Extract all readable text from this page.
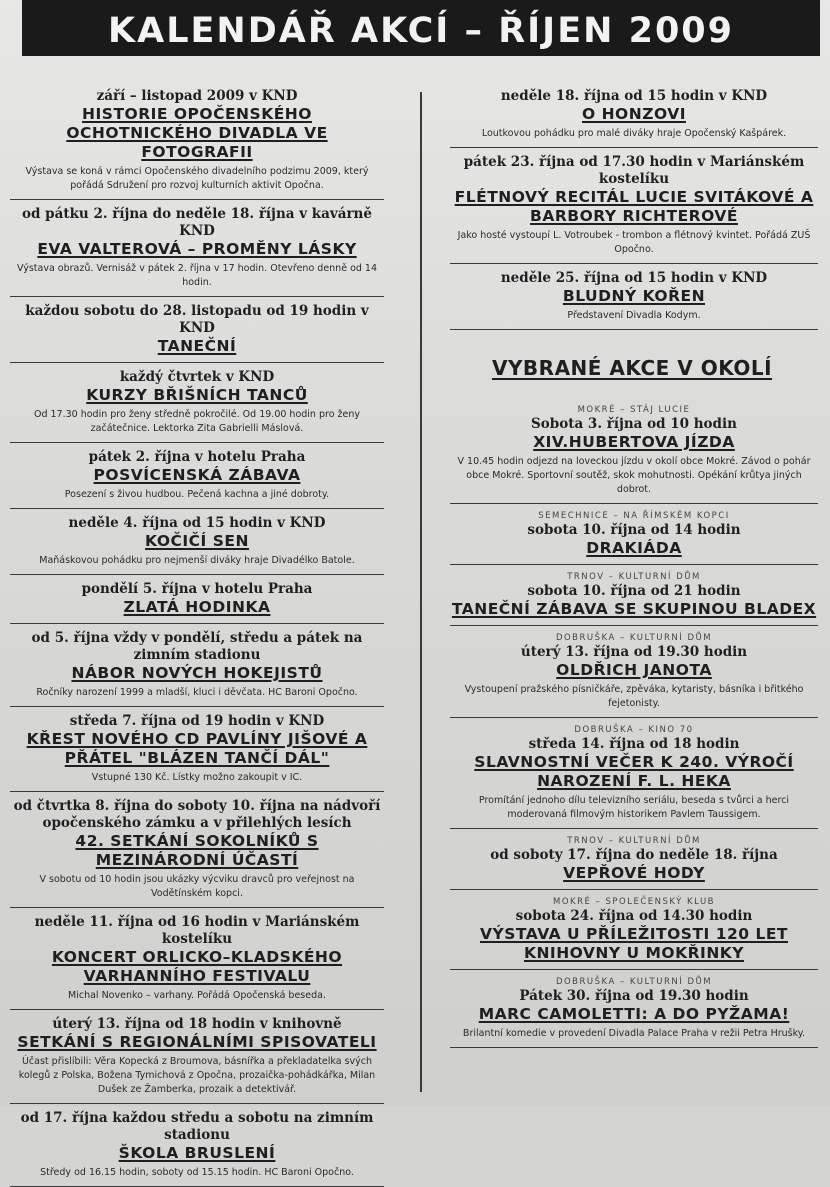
KALENDÁŘ AKCÍ – ŘÍJEN 2009
září – listopad 2009 v KND
HISTORIE OPOČENSKÉHO OCHOTNICKÉHO DIVADLA VE FOTOGRAFII
Výstava se koná v rámci Opočenského divadelního podzimu 2009, který pořádá Sdružení pro rozvoj kulturních aktivit Opočna.
od pátku 2. října do neděle 18. října v kavárně KND
EVA VALTEROVÁ – PROMĚNY LÁSKY
Výstava obrazů. Vernisáž v pátek 2. října v 17 hodin. Otevřeno denně od 14 hodin.
každou sobotu do 28. listopadu od 19 hodin v KND
TANEČNÍ
každý čtvrtek v KND
KURZY BŘIŠNÍCH TANCŮ
Od 17.30 hodin pro ženy středně pokročilé. Od 19.00 hodin pro ženy začátečnice. Lektorka Zita Gabrielli Máslová.
pátek 2. října v hotelu Praha
POSVÍCENSKÁ ZÁBAVA
Posezení s živou hudbou. Pečená kachna a jiné dobroty.
neděle 4. října od 15 hodin v KND
KOČIČÍ SEN
Maňáskovou pohádku pro nejmenší diváky hraje Divadélko Batole.
pondělí 5. října v hotelu Praha
ZLATÁ HODINKA
od 5. října vždy v pondělí, středu a pátek na zimním stadionu
NÁBOR NOVÝCH HOKEJISTŮ
Ročníky narození 1999 a mladší, kluci i děvčata. HC Baroni Opočno.
středa 7. října od 19 hodin v KND
KŘEST NOVÉHO CD PAVLÍNY JIŠOVÉ A PŘÁTEL "BLÁZEN TANČÍ DÁL"
Vstupné 130 Kč. Lístky možno zakoupit v IC.
od čtvrtka 8. října do soboty 10. října na nádvoří opočenského zámku a v přilehlých lesích
42. SETKÁNÍ SOKOLNÍKŮ S MEZINÁRODNÍ ÚČASTÍ
V sobotu od 10 hodin jsou ukázky výcviku dravců pro veřejnost na Vodětínském kopci.
neděle 11. října od 16 hodin v Mariánském kostelíku
KONCERT ORLICKO–KLADSKÉHO VARHANNÍHO FESTIVALU
Michal Novenko – varhany. Pořádá Opočenská beseda.
úterý 13. října od 18 hodin v knihovně
SETKÁNÍ S REGIONÁLNÍMI SPISOVATELI
Účast přislíbili: Věra Kopecká z Broumova, básnířka a překladatelka svých kolegů z Polska, Božena Tymichová z Opočna, prozaička-pohádkářka, Milan Dušek ze Žamberka, prozaik a detektivář.
od 17. října každou středu a sobotu na zimním stadionu
ŠKOLA BRUSLENÍ
Středy od 16.15 hodin, soboty od 15.15 hodin. HC Baroni Opočno.
neděle 18. října od 15 hodin v KND
O HONZOVI
Loutkovou pohádku pro malé diváky hraje Opočenský Kašpárek.
pátek 23. října od 17.30 hodin v Mariánském kostelíku
FLÉTNOVÝ RECITÁL LUCIE SVITÁKOVÉ A BARBORY RICHTEROVÉ
Jako hosté vystoupí L. Votroubek - trombon a flétnový kvintet. Pořádá ZUŠ Opočno.
neděle 25. října od 15 hodin v KND
BLUDNÝ KOŘEN
Představení Divadla Kodym.
VYBRANÉ AKCE V OKOLÍ
MOKRÉ – STÁJ LUCIE
Sobota 3. října od 10 hodin
XIV.HUBERTOVA JÍZDA
V 10.45 hodin odjezd na loveckou jízdu v okolí obce Mokré. Závod o pohár obce Mokré. Sportovní soutěž, skok mohutnosti. Opékání krůtya jiných dobrot.
SEMECHNICE – NA ŘÍMSKÉM KOPCI
sobota 10. října od 14 hodin
DRAKIÁDA
TRNOV – KULTURNÍ DŮM
sobota 10. října od 21 hodin
TANEČNÍ ZÁBAVA SE SKUPINOU BLADEX
DOBRUŠKA – KULTURNÍ DŮM
úterý 13. října od 19.30 hodin
OLDŘICH JANOTA
Vystoupení pražského písničkáře, zpěváka, kytaristy, básníka i břitkého fejetonisty.
DOBRUŠKA – KINO 70
středa 14. října od 18 hodin
SLAVNOSTNÍ VEČER K 240. VÝROČÍ NAROZENÍ F. L. HEKA
Promítání jednoho dílu televizního seriálu, beseda s tvůrci a herci moderovaná filmovým historikem Pavlem Taussigem.
TRNOV – KULTURNÍ DŮM
od soboty 17. října do neděle 18. října
VEPŘOVÉ HODY
MOKRÉ – SPOLEČENSKÝ KLUB
sobota 24. října od 14.30 hodin
VÝSTAVA U PŘÍLEŽITOSTI 120 LET KNIHOVNY U MOKŘINKY
DOBRUŠKA – KULTURNÍ DŮM
Pátek 30. října od 19.30 hodin
MARC CAMOLETTI: A DO PYŽAMA!
Brilantní komedie v provedení Divadla Palace Praha v režii Petra Hrušky.
